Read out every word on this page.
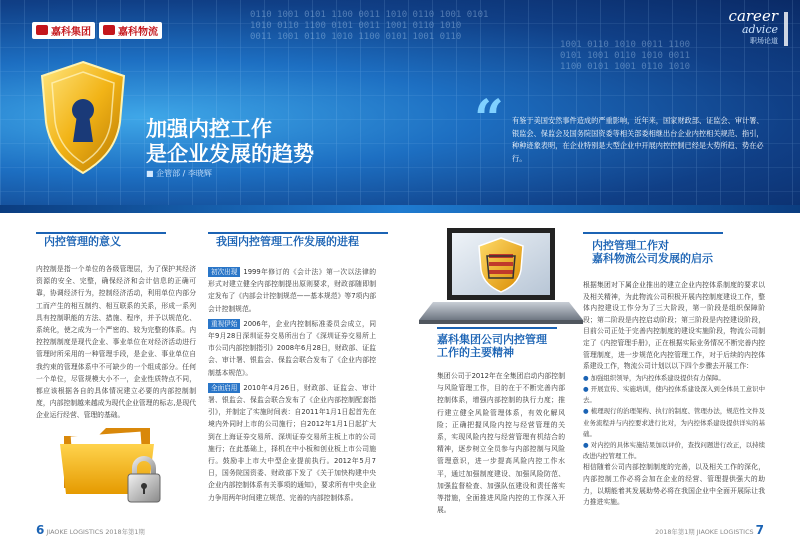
0110 1001 0101 1100 0011 1010 0110 1001 0101
1010 0110 1100 0101 0011 1001 0110 1010
0011 1001 0110 1010 1100 0101 1001 0110
1001 0110 1010 0011 1100
0101 1001 0110 1010 0011
1100 0101 1001 0110 1010
嘉科集团	嘉科物流
career
advice
职场论道
加强内控工作
是企业发展的趋势
■ 企管部 / 李晓辉
“ 有鉴于美国安然事件造成的严重影响，近年来，国家财政部、证监会、审计署、银监会、保监会及国务院国资委等相关部委相继出台企业内控相关规范、指引，种种迹象表明，在企业特别是大型企业中开展内控控制已经是大势所趋、势在必行。
内控管理的意义
内控制是指一个单位的各级管理层，为了保护其经济资源的安全、完整，确保经济和会计信息的正确可靠，协调经济行为，控制经济活动，利用单位内部分工而产生的相互制约、相互联系的关系，形成一系列具有控制职能的方法、措施、程序，并予以规范化、系统化，使之成为一个严密的、较为完整的体系。内控控制制度是现代企业、事业单位在对经济活动进行管理时所采用的一种管理手段，是企业、事业单位自我约束的管理体系中不可缺少的一个组成部分。任何一个单位，尽管规模大小不一，企业性质特点不同，都应该根据各自的具体情况建立必要的内部控制制度，内部控制越来越成为现代企业管理的标志,是现代企业运行经营、管理的基础。
我国内控管理工作发展的进程
初次出现 1999年修订的《会计法》第一次以法律的形式对建立健全内部控制提出原则要求，财政部随即制定发布了《内部会计控制规范——基本规范》等7项内部会计控制规范。
重视伊始 2006年，企业内控制标准委员会成立，同年9月28日深圳证券交易所出台了《深圳证券交易所上市公司内部控制指引》2008年6月28日，财政部、证监会、审计署、银监会、保监会联合发布了《企业内部控制基本规范》。
全面启用 2010年4月26日，财政部、证监会、审计署、银监会、保监会联合发布了《企业内部控制配套指引》，并制定了实施时间表：自2011年1月1日起首先在境内外同时上市的公司施行；自2012年1月1日起扩大到在上海证券交易所、深圳证券交易所主板上市的公司施行；在此基础上，择机在中小板和创业板上市公司施行。鼓励非上市大中型企业提前执行。2012年5月7日，国务院国资委、财政部下发了《关于加快构建中央企业内部控制体系有关事项的通知》，要求所有中央企业力争用两年时间建立规范、完善的内部控制体系。
嘉科集团公司内控管理
工作的主要精神
集团公司于2012年在全集团启动内部控制与风险管理工作，目的在于不断完善内部控制体系，增强内部控制的执行力度；推行建立健全风险管理体系，有效化解风险；正确把握风险内控与经营管理的关系，实现风险内控与经营管理有机结合的精神，逐步树立全员参与内部控制与风险管理意识，进一步提高风险内控工作水平，通过加强制度建设、加强风险防范、加强监督检查、加强队伍建设和责任落实等措施，全面推进风险内控的工作深入开展。
内控管理工作对
嘉科物流公司发展的启示
根据集团对下属企业推出的建立企业内控体系制度的要求以及相关精神，为此物流公司积极开展内控制度建设工作，整体内控建设工作分为了三大阶段，第一阶段是组织保障阶段；第二阶段是内控启动阶段；第三阶段是内控建设阶段，目前公司正处于完善内控制度的建设实施阶段，物流公司制定了《内控管理手册》，正在根据实际业务情况不断完善内控管理制度，进一步规范化内控管理工作，对于后续的内控体系建设工作，物流公司计划以以下四个步骤去开展工作：
● 加强组织领导，为内控体系建设提供有力保障。
● 开展宣传、实施培训，使内控体系建设深入到全体员工意识中去。
● 梳理现行的治理架构、执行的制度、管理办法，规范性文件及业务流程并与内控要求进行比对，为内控体系建设提供详实的基础。
● 对内控的具体实施结果加以评价，查找问题进行改正，以持续改进内控管理工作。
相信随着公司内部控制制度的完善，以及相关工作的深化，内部控制工作必将会加在企业的经营、管理提供强大的助力，以期能着其发展助势必将在我国企业中全面开展际让我力推进实施。
6 JIAOKE LOGISTICS 2018年第1期	2018年第1期 JIAOKE LOGISTICS 7
